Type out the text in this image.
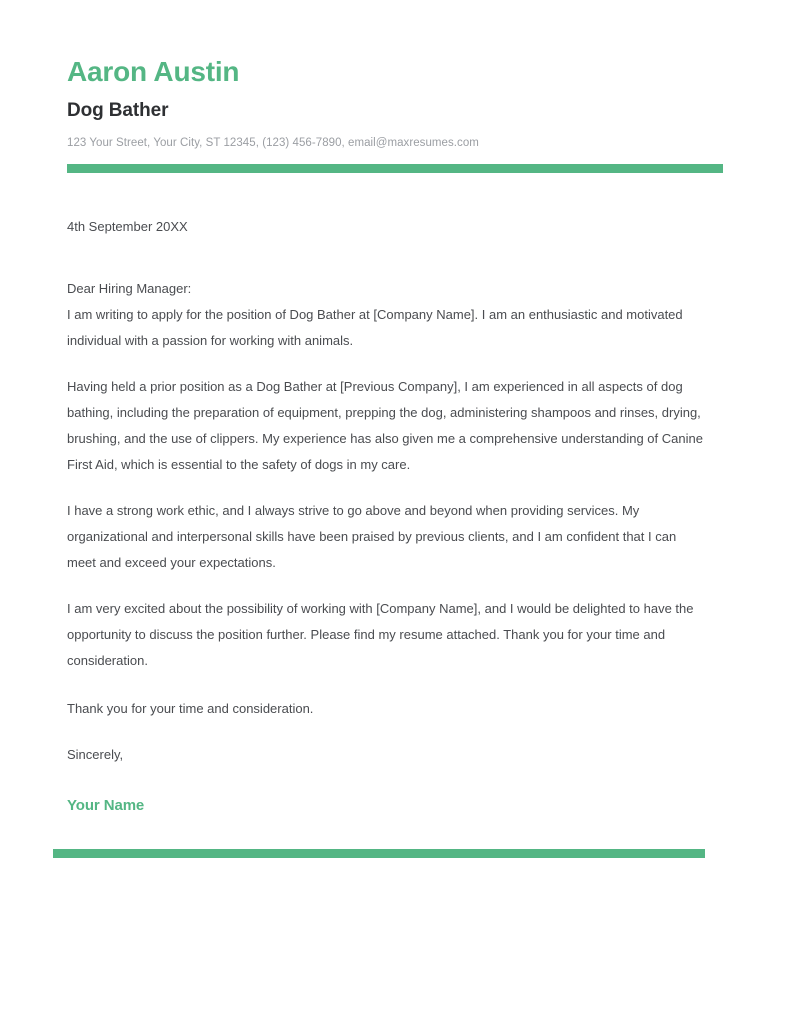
Aaron Austin
Dog Bather

123 Your Street, Your City, ST 12345, (123) 456-7890, email@maxresumes.com

4th September 20XX

Dear Hiring Manager:

I am writing to apply for the position of Dog Bather at [Company Name]. I am an enthusiastic and motivated individual with a passion for working with animals.

Having held a prior position as a Dog Bather at [Previous Company], I am experienced in all aspects of dog bathing, including the preparation of equipment, prepping the dog, administering shampoos and rinses, drying, brushing, and the use of clippers. My experience has also given me a comprehensive understanding of Canine First Aid, which is essential to the safety of dogs in my care.

I have a strong work ethic, and I always strive to go above and beyond when providing services. My organizational and interpersonal skills have been praised by previous clients, and I am confident that I can meet and exceed your expectations.

I am very excited about the possibility of working with [Company Name], and I would be delighted to have the opportunity to discuss the position further. Please find my resume attached. Thank you for your time and consideration.

Thank you for your time and consideration.

Sincerely,

Your Name
